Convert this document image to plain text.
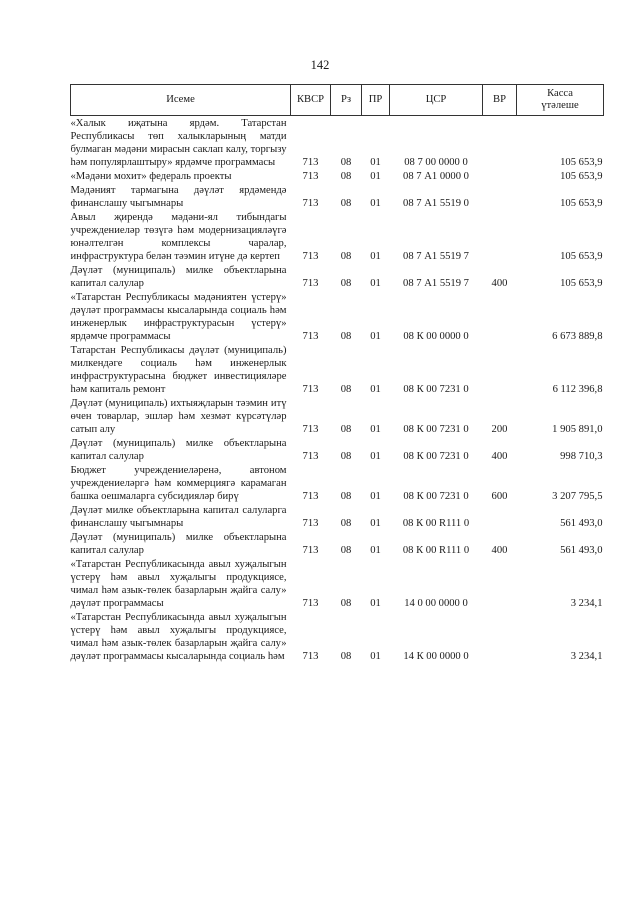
142
Исеме	КВСР	Рз	ПР	ЦСР	ВР	Касса
үтәлеше
«Халык иҗатына ярдәм. Татарстан Республикасы төп халыкларының матди булмаган мәдәни мирасын саклап калу, торгызу һәм популярлаштыру» ярдәмче программасы	713	08	01	08 7 00 0000 0		105 653,9
«Мәдәни мохит» федераль проекты	713	08	01	08 7 А1 0000 0		105 653,9
Мәдәният тармагына дәүләт ярдәмендә финанслашу чыгымнары	713	08	01	08 7 А1 5519 0		105 653,9
Авыл җирендә мәдәни-ял тибындагы учреждениеләр төзүгә һәм модернизацияләүгә юнәлтелгән комплексы чаралар, инфраструктура белән тәэмин итүне дә кертеп	713	08	01	08 7 А1 5519 7		105 653,9
Дәүләт (муниципаль) милке объектларына капитал салулар	713	08	01	08 7 А1 5519 7	400	105 653,9
«Татарстан Республикасы мәдәниятен үстерү» дәүләт программасы кысаларында социаль һәм инженерлык инфраструктурасын үстерү» ярдәмче программасы	713	08	01	08 К 00 0000 0		6 673 889,8
Татарстан Республикасы дәүләт (муниципаль) милкендәге социаль һәм инженерлык инфраструктурасына бюджет инвестицияләре һәм капиталь ремонт	713	08	01	08 К 00 7231 0		6 112 396,8
Дәүләт (муниципаль) ихтыяҗларын тәэмин итү өчен товарлар, эшләр һәм хезмәт күрсәтүләр сатып алу	713	08	01	08 К 00 7231 0	200	1 905 891,0
Дәүләт (муниципаль) милке объектларына капитал салулар	713	08	01	08 К 00 7231 0	400	998 710,3
Бюджет учреждениеләренә, автоном учреждениеләргә һәм коммерциягә карамаган башка оешмаларга субсидияләр бирү	713	08	01	08 К 00 7231 0	600	3 207 795,5
Дәүләт милке объектларына капитал салуларга финанслашу чыгымнары	713	08	01	08 К 00 R111 0		561 493,0
Дәүләт (муниципаль) милке объектларына капитал салулар	713	08	01	08 К 00 R111 0	400	561 493,0
«Татарстан Республикасында авыл хуҗалыгын үстерү һәм авыл хуҗалыгы продукциясе, чимал һәм азык-төлек базарларын җайга салу» дәүләт программасы	713	08	01	14 0 00 0000 0		3 234,1
«Татарстан Республикасында авыл хуҗалыгын үстерү һәм авыл хуҗалыгы продукциясе, чимал һәм азык-төлек базарларын җайга салу» дәүләт программасы кысаларында социаль һәм	713	08	01	14 К 00 0000 0		3 234,1
